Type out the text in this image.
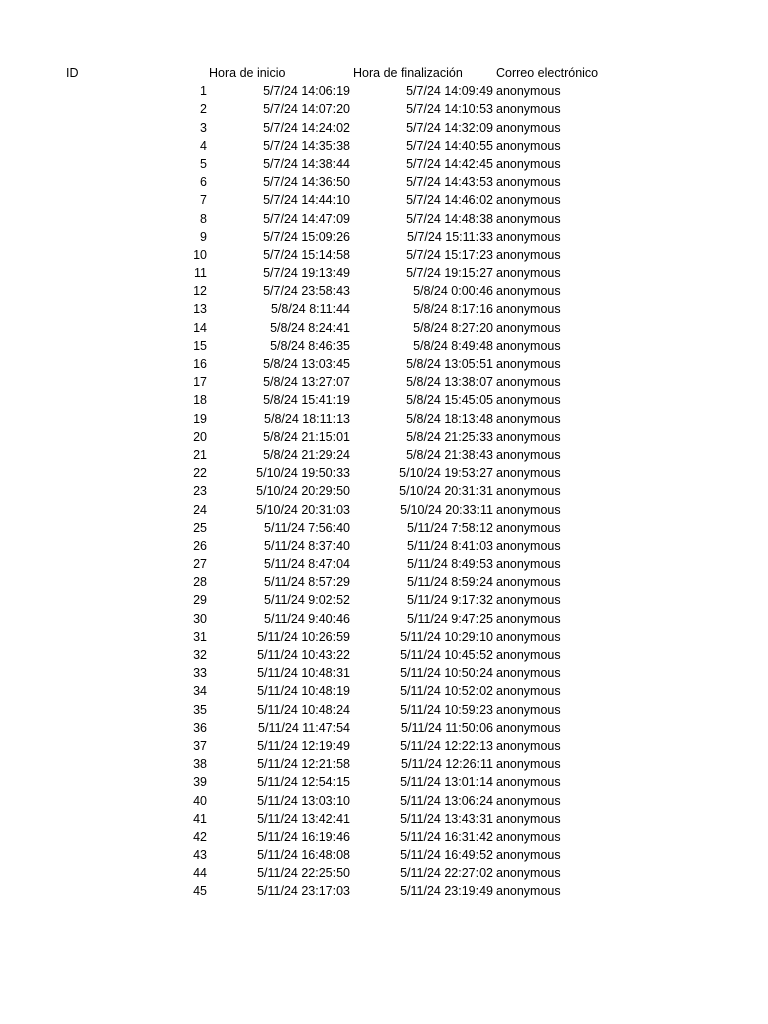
ID	Hora de inicio	Hora de finalización	Correo electrónico
1	5/7/24 14:06:19	5/7/24 14:09:49 anonymous
2	5/7/24 14:07:20	5/7/24 14:10:53 anonymous
3	5/7/24 14:24:02	5/7/24 14:32:09 anonymous
4	5/7/24 14:35:38	5/7/24 14:40:55 anonymous
5	5/7/24 14:38:44	5/7/24 14:42:45 anonymous
6	5/7/24 14:36:50	5/7/24 14:43:53 anonymous
7	5/7/24 14:44:10	5/7/24 14:46:02 anonymous
8	5/7/24 14:47:09	5/7/24 14:48:38 anonymous
9	5/7/24 15:09:26	5/7/24 15:11:33 anonymous
10	5/7/24 15:14:58	5/7/24 15:17:23 anonymous
11	5/7/24 19:13:49	5/7/24 19:15:27 anonymous
12	5/7/24 23:58:43	5/8/24 0:00:46 anonymous
13	5/8/24 8:11:44	5/8/24 8:17:16 anonymous
14	5/8/24 8:24:41	5/8/24 8:27:20 anonymous
15	5/8/24 8:46:35	5/8/24 8:49:48 anonymous
16	5/8/24 13:03:45	5/8/24 13:05:51 anonymous
17	5/8/24 13:27:07	5/8/24 13:38:07 anonymous
18	5/8/24 15:41:19	5/8/24 15:45:05 anonymous
19	5/8/24 18:11:13	5/8/24 18:13:48 anonymous
20	5/8/24 21:15:01	5/8/24 21:25:33 anonymous
21	5/8/24 21:29:24	5/8/24 21:38:43 anonymous
22	5/10/24 19:50:33	5/10/24 19:53:27 anonymous
23	5/10/24 20:29:50	5/10/24 20:31:31 anonymous
24	5/10/24 20:31:03	5/10/24 20:33:11 anonymous
25	5/11/24 7:56:40	5/11/24 7:58:12 anonymous
26	5/11/24 8:37:40	5/11/24 8:41:03 anonymous
27	5/11/24 8:47:04	5/11/24 8:49:53 anonymous
28	5/11/24 8:57:29	5/11/24 8:59:24 anonymous
29	5/11/24 9:02:52	5/11/24 9:17:32 anonymous
30	5/11/24 9:40:46	5/11/24 9:47:25 anonymous
31	5/11/24 10:26:59	5/11/24 10:29:10 anonymous
32	5/11/24 10:43:22	5/11/24 10:45:52 anonymous
33	5/11/24 10:48:31	5/11/24 10:50:24 anonymous
34	5/11/24 10:48:19	5/11/24 10:52:02 anonymous
35	5/11/24 10:48:24	5/11/24 10:59:23 anonymous
36	5/11/24 11:47:54	5/11/24 11:50:06 anonymous
37	5/11/24 12:19:49	5/11/24 12:22:13 anonymous
38	5/11/24 12:21:58	5/11/24 12:26:11 anonymous
39	5/11/24 12:54:15	5/11/24 13:01:14 anonymous
40	5/11/24 13:03:10	5/11/24 13:06:24 anonymous
41	5/11/24 13:42:41	5/11/24 13:43:31 anonymous
42	5/11/24 16:19:46	5/11/24 16:31:42 anonymous
43	5/11/24 16:48:08	5/11/24 16:49:52 anonymous
44	5/11/24 22:25:50	5/11/24 22:27:02 anonymous
45	5/11/24 23:17:03	5/11/24 23:19:49 anonymous
